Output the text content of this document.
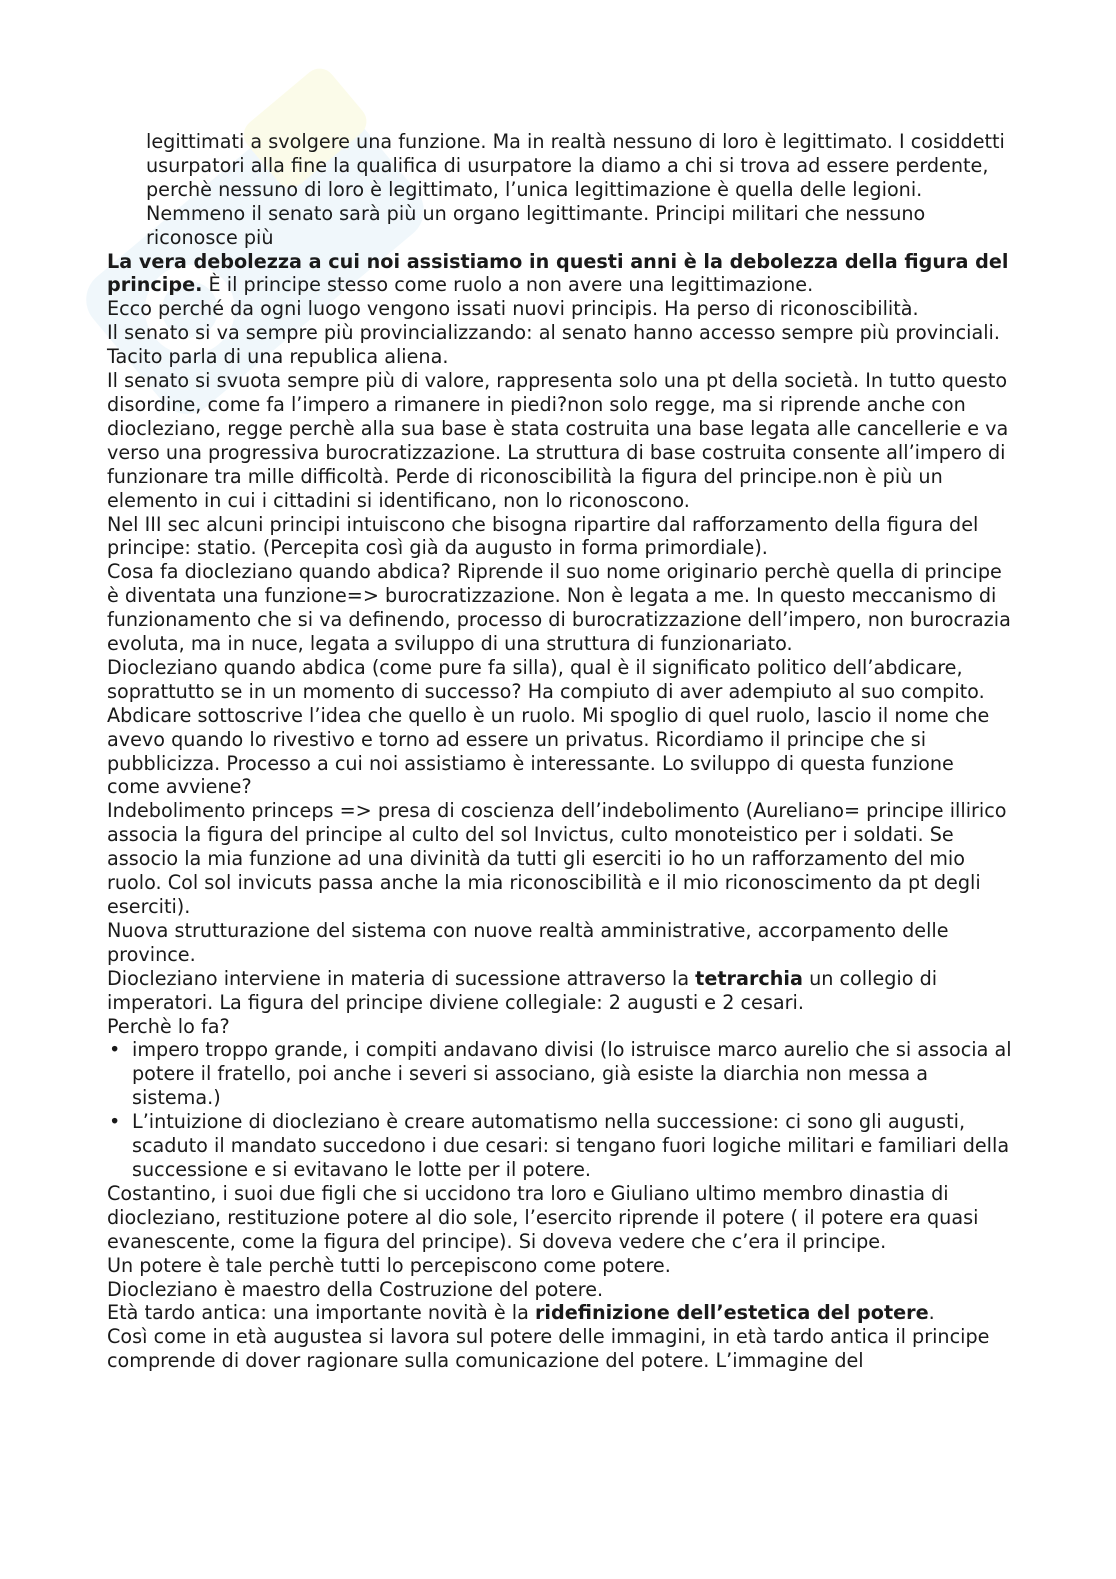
legittimati a svolgere una funzione. Ma in realtà nessuno di loro è legittimato. I cosiddetti usurpatori alla fine la qualifica di usurpatore la diamo a chi si trova ad essere perdente, perchè nessuno di loro è legittimato, l’unica legittimazione è quella delle legioni. Nemmeno il senato sarà più un organo legittimante. Principi militari che nessuno riconosce più

La vera debolezza a cui noi assistiamo in questi anni è la debolezza della figura del principe. È il principe stesso come ruolo a non avere una legittimazione.

Ecco perché da ogni luogo vengono issati nuovi principis. Ha perso di riconoscibilità.

Il senato si va sempre più provincializzando: al senato hanno accesso sempre più provinciali.

Tacito parla di una republica aliena.

Il senato si svuota sempre più di valore, rappresenta solo una pt della società. In tutto questo disordine, come fa l’impero a rimanere in piedi?non solo regge, ma si riprende anche con diocleziano, regge perchè alla sua base è stata costruita una base legata alle cancellerie e va verso una progressiva burocratizzazione. La struttura di base costruita consente all’impero di funzionare tra mille difficoltà. Perde di riconoscibilità la figura del principe.non è più un elemento in cui i cittadini si identificano, non lo riconoscono.

Nel III sec alcuni principi intuiscono che bisogna ripartire dal rafforzamento della figura del principe: statio. (Percepita così già da augusto in forma primordiale).

Cosa fa diocleziano quando abdica? Riprende il suo nome originario perchè quella di principe è diventata una funzione=> burocratizzazione. Non è legata a me. In questo meccanismo di funzionamento che si va definendo, processo di burocratizzazione dell’impero, non burocrazia evoluta, ma in nuce, legata a sviluppo di una struttura di funzionariato.

Diocleziano quando abdica (come pure fa silla), qual è il significato politico dell’abdicare, soprattutto se in un momento di successo? Ha compiuto di aver adempiuto al suo compito. Abdicare sottoscrive l’idea che quello è un ruolo. Mi spoglio di quel ruolo, lascio il nome che avevo quando lo rivestivo e torno ad essere un privatus. Ricordiamo il principe che si pubblicizza. Processo a cui noi assistiamo è interessante. Lo sviluppo di questa funzione come avviene?

Indebolimento princeps => presa di coscienza dell’indebolimento (Aureliano= principe illirico associa la figura del principe al culto del sol Invictus, culto monoteistico per i soldati. Se associo la mia funzione ad una divinità da tutti gli eserciti io ho un rafforzamento del mio ruolo. Col sol invicuts passa anche la mia riconoscibilità e il mio riconoscimento da pt degli eserciti).

Nuova strutturazione del sistema con nuove realtà amministrative, accorpamento delle province.

Diocleziano interviene in materia di sucessione attraverso la tetrarchia un collegio di imperatori. La figura del principe diviene collegiale: 2 augusti e 2 cesari.

Perchè lo fa?

• impero troppo grande, i compiti andavano divisi (lo istruisce marco aurelio che si associa al potere il fratello, poi anche i severi si associano, già esiste la diarchia non messa a sistema.)
• L’intuizione di diocleziano è creare automatismo nella successione: ci sono gli augusti, scaduto il mandato succedono i due cesari: si tengano fuori logiche militari e familiari della successione e si evitavano le lotte per il potere.

Costantino, i suoi due figli che si uccidono tra loro e Giuliano ultimo membro dinastia di diocleziano, restituzione potere al dio sole, l’esercito riprende il potere ( il potere era quasi evanescente, come la figura del principe). Si doveva vedere che c’era il principe.

Un potere è tale perchè tutti lo percepiscono come potere.

Diocleziano è maestro della Costruzione del potere.

Età tardo antica: una importante novità è la ridefinizione dell’estetica del potere.

Così come in età augustea si lavora sul potere delle immagini, in età tardo antica il principe comprende di dover ragionare sulla comunicazione del potere. L’immagine del
